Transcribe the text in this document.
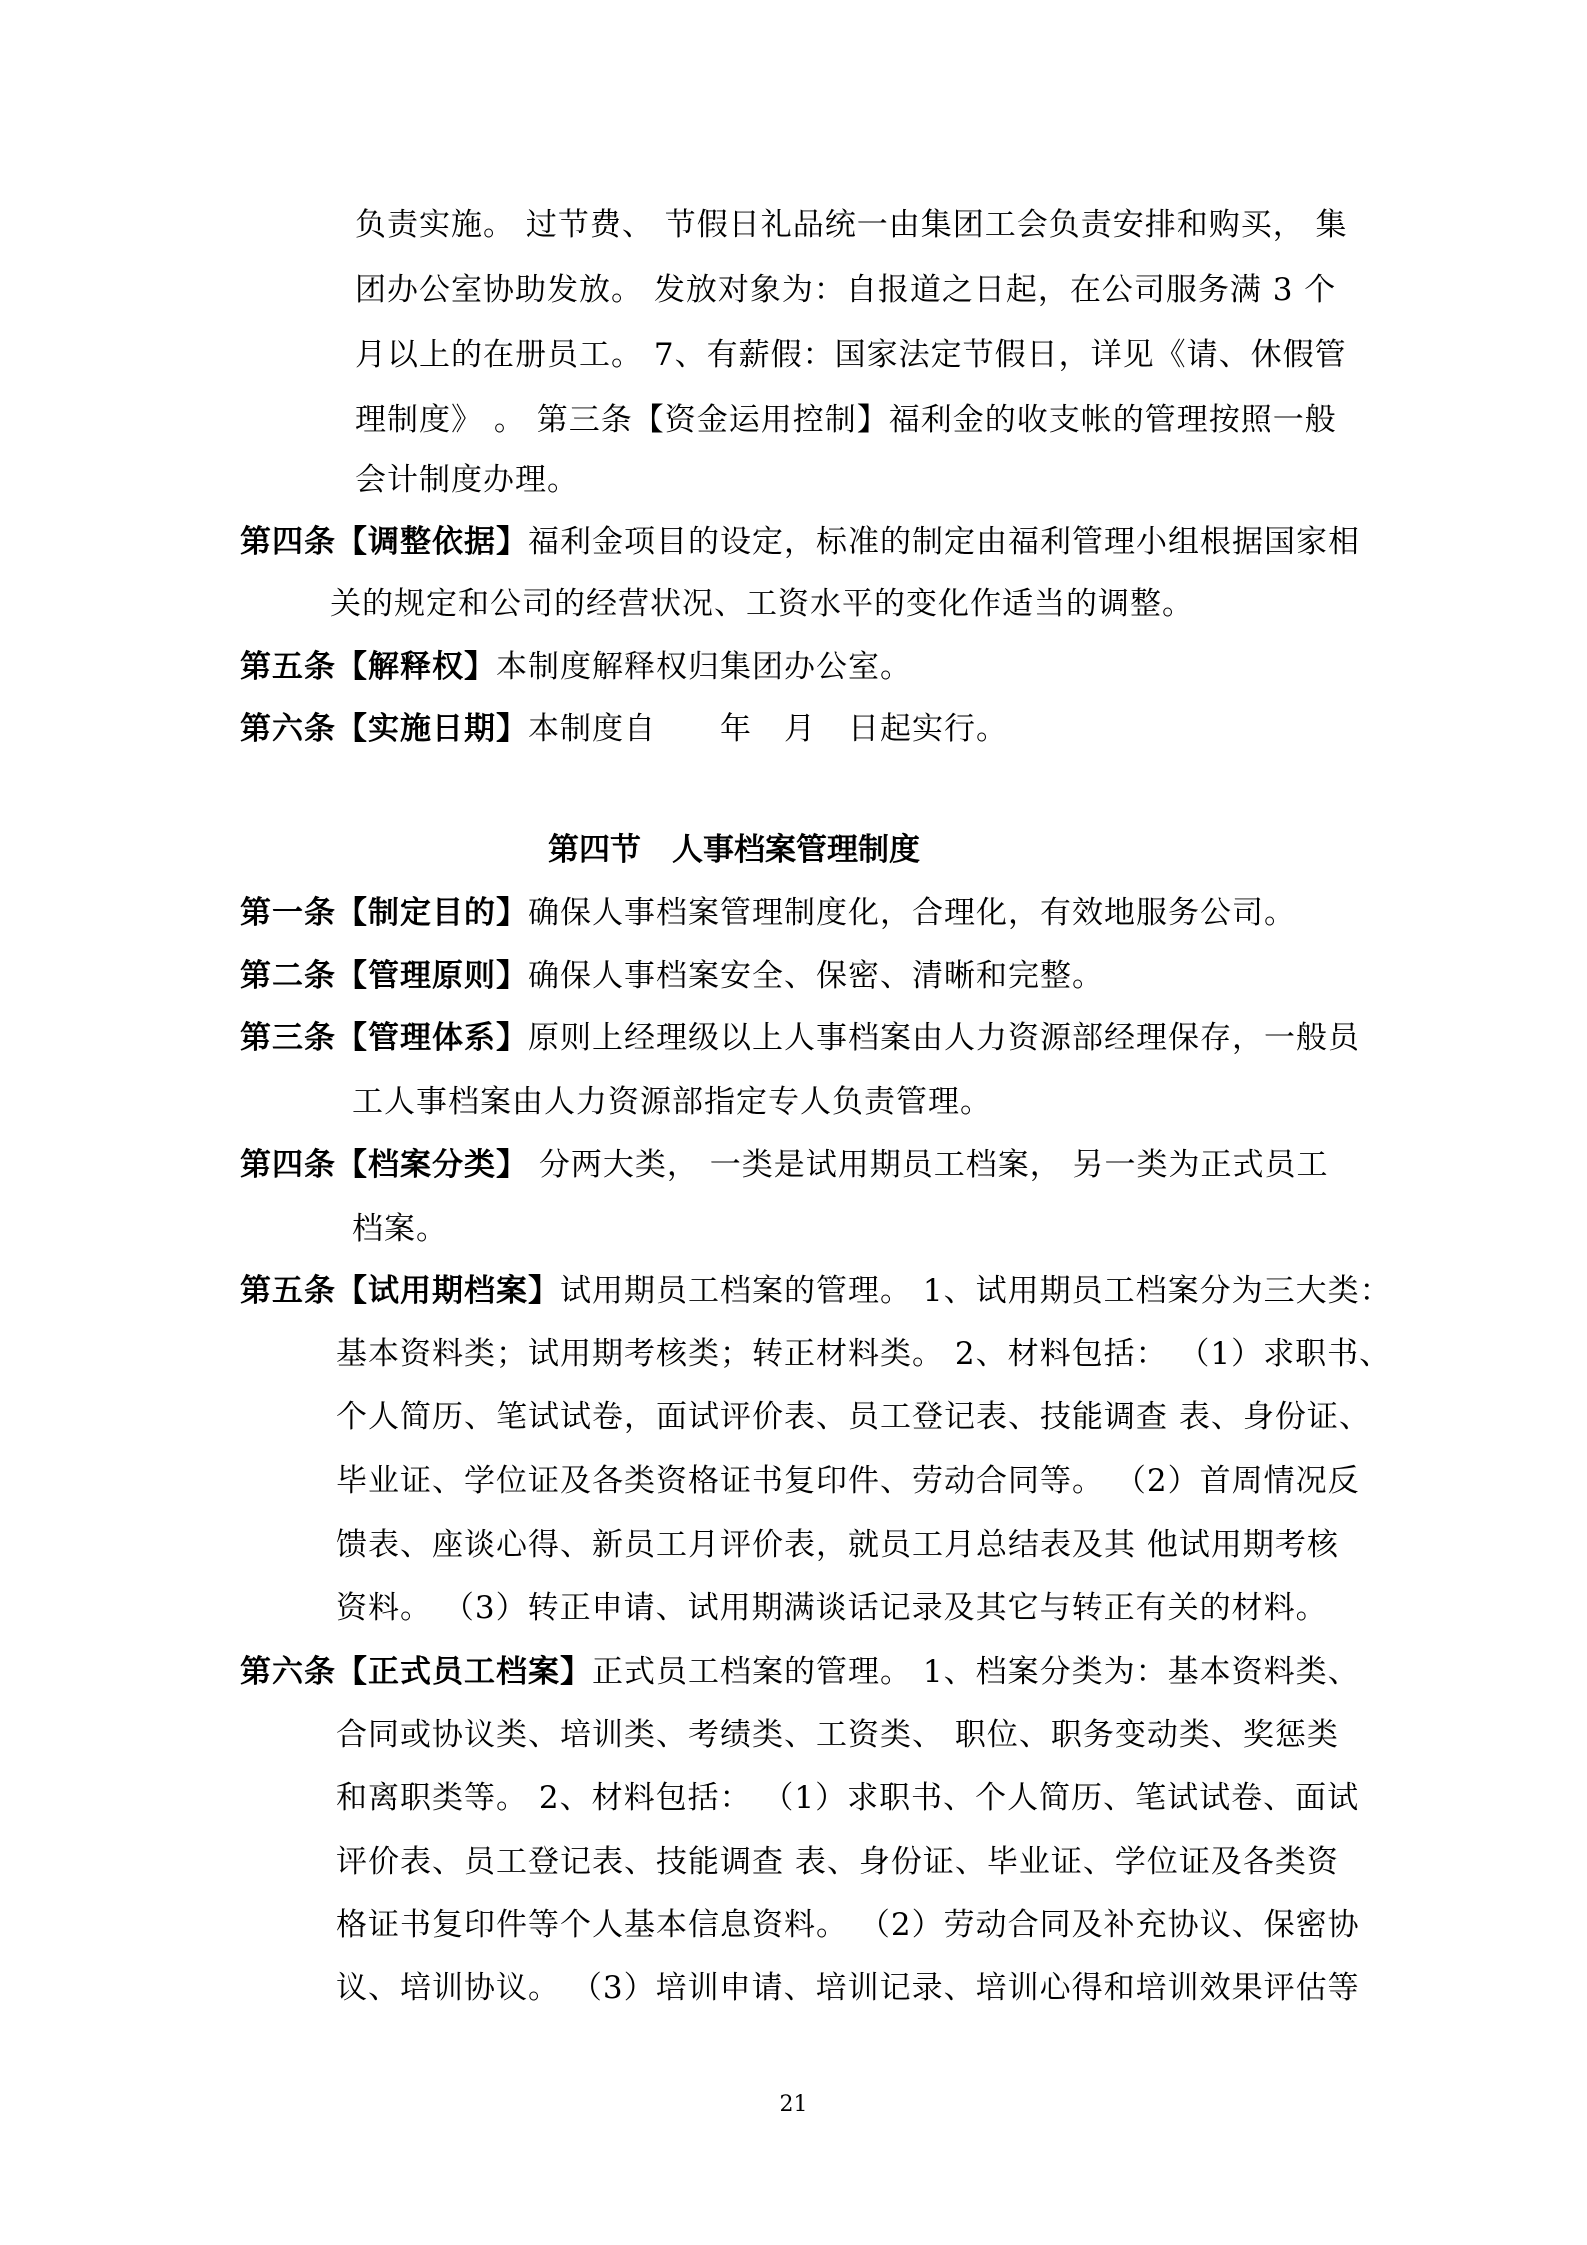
负责实施。 过节费、 节假日礼品统一由集团工会负责安排和购买， 集
团办公室协助发放。 发放对象为：自报道之日起，在公司服务满 3 个
月以上的在册员工。 7、有薪假：国家法定节假日，详见《请、休假管
理制度》 。 第三条【资金运用控制】福利金的收支帐的管理按照一般
会计制度办理。
第四条【调整依据】福利金项目的设定，标准的制定由福利管理小组根据国家相
关的规定和公司的经营状况、工资水平的变化作适当的调整。
第五条【解释权】本制度解释权归集团办公室。
第六条【实施日期】本制度自　　年　月　日起实行。
第四节　人事档案管理制度
第一条【制定目的】确保人事档案管理制度化，合理化，有效地服务公司。
第二条【管理原则】确保人事档案安全、保密、清晰和完整。
第三条【管理体系】原则上经理级以上人事档案由人力资源部经理保存，一般员
工人事档案由人力资源部指定专人负责管理。
第四条【档案分类】 分两大类， 一类是试用期员工档案， 另一类为正式员工
档案。
第五条【试用期档案】试用期员工档案的管理。 1、试用期员工档案分为三大类：
基本资料类；试用期考核类；转正材料类。 2、材料包括： （1）求职书、
个人简历、笔试试卷，面试评价表、员工登记表、技能调查 表、身份证、
毕业证、学位证及各类资格证书复印件、劳动合同等。 （2）首周情况反
馈表、座谈心得、新员工月评价表，就员工月总结表及其 他试用期考核
资料。 （3）转正申请、试用期满谈话记录及其它与转正有关的材料。
第六条【正式员工档案】正式员工档案的管理。 1、档案分类为：基本资料类、
合同或协议类、培训类、考绩类、工资类、 职位、职务变动类、奖惩类
和离职类等。 2、材料包括： （1）求职书、个人简历、笔试试卷、面试
评价表、员工登记表、技能调查 表、身份证、毕业证、学位证及各类资
格证书复印件等个人基本信息资料。 （2）劳动合同及补充协议、保密协
议、培训协议。 （3）培训申请、培训记录、培训心得和培训效果评估等
21
